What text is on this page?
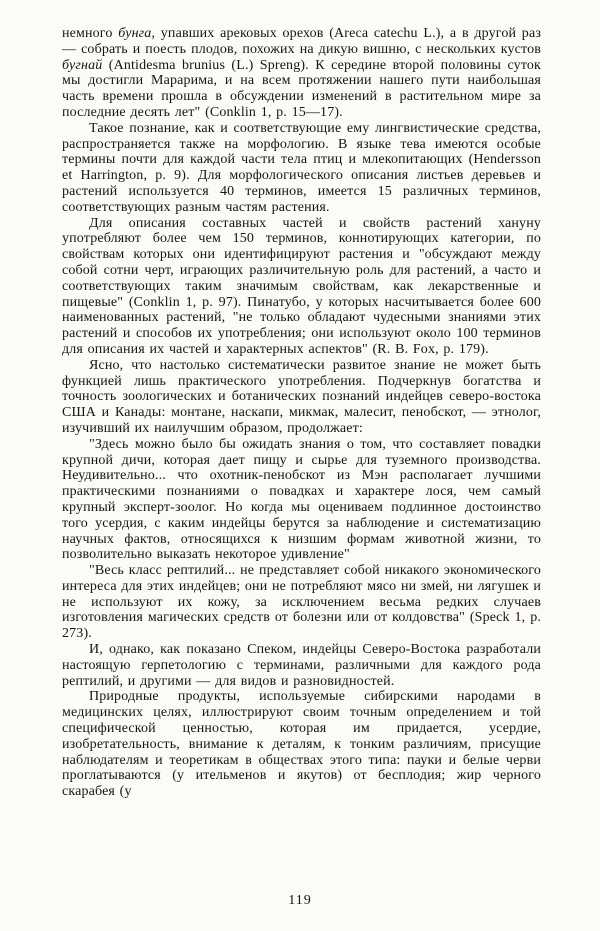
немного бунга, упавших арековых орехов (Areca catechu L.), а в другой раз — собрать и поесть плодов, похожих на дикую вишню, с нескольких кустов бугнай (Antidesma brunius (L.) Spreng). К середине второй половины суток мы достигли Марарима, и на всем протяжении нашего пути наибольшая часть времени прошла в обсуждении изменений в растительном мире за последние десять лет" (Conklin 1, p. 15—17).

Такое познание, как и соответствующие ему лингвистические средства, распространяется также на морфологию. В языке тева имеются особые термины почти для каждой части тела птиц и млекопитающих (Hendersson et Harrington, p. 9). Для морфологического описания листьев деревьев и растений используется 40 терминов, имеется 15 различных терминов, соответствующих разным частям растения.

Для описания составных частей и свойств растений хануну употребляют более чем 150 терминов, коннотирующих категории, по свойствам которых они идентифицируют растения и "обсуждают между собой сотни черт, играющих различительную роль для растений, а часто и соответствующих таким значимым свойствам, как лекарственные и пищевые" (Conklin 1, p. 97). Пинатубо, у которых насчитывается более 600 наименованных растений, "не только обладают чудесными знаниями этих растений и способов их употребления; они используют около 100 терминов для описания их частей и характерных аспектов" (R. B. Fox, p. 179).

Ясно, что настолько систематически развитое знание не может быть функцией лишь практического употребления. Подчеркнув богатства и точность зоологических и ботанических познаний индейцев северо-востока США и Канады: монтане, наскапи, микмак, малесит, пенобскот, — этнолог, изучивший их наилучшим образом, продолжает:

"Здесь можно было бы ожидать знания о том, что составляет повадки крупной дичи, которая дает пищу и сырье для туземного производства. Неудивительно... что охотник-пенобскот из Мэн располагает лучшими практическими познаниями о повадках и характере лося, чем самый крупный эксперт-зоолог. Но когда мы оцениваем подлинное достоинство того усердия, с каким индейцы берутся за наблюдение и систематизацию научных фактов, относящихся к низшим формам животной жизни, то позволительно выказать некоторое удивление"

"Весь класс рептилий... не представляет собой никакого экономического интереса для этих индейцев; они не потребляют мясо ни змей, ни лягушек и не используют их кожу, за исключением весьма редких случаев изготовления магических средств от болезни или от колдовства" (Speck 1, p. 273).

И, однако, как показано Спеком, индейцы Северо-Востока разработали настоящую герпетологию с терминами, различными для каждого рода рептилий, и другими — для видов и разновидностей.

Природные продукты, используемые сибирскими народами в медицинских целях, иллюстрируют своим точным определением и той специфической ценностью, которая им придается, усердие, изобретательность, внимание к деталям, к тонким различиям, присущие наблюдателям и теоретикам в обществах этого типа: пауки и белые черви проглатываются (у ительменов и якутов) от бесплодия; жир черного скарабея (у

119
